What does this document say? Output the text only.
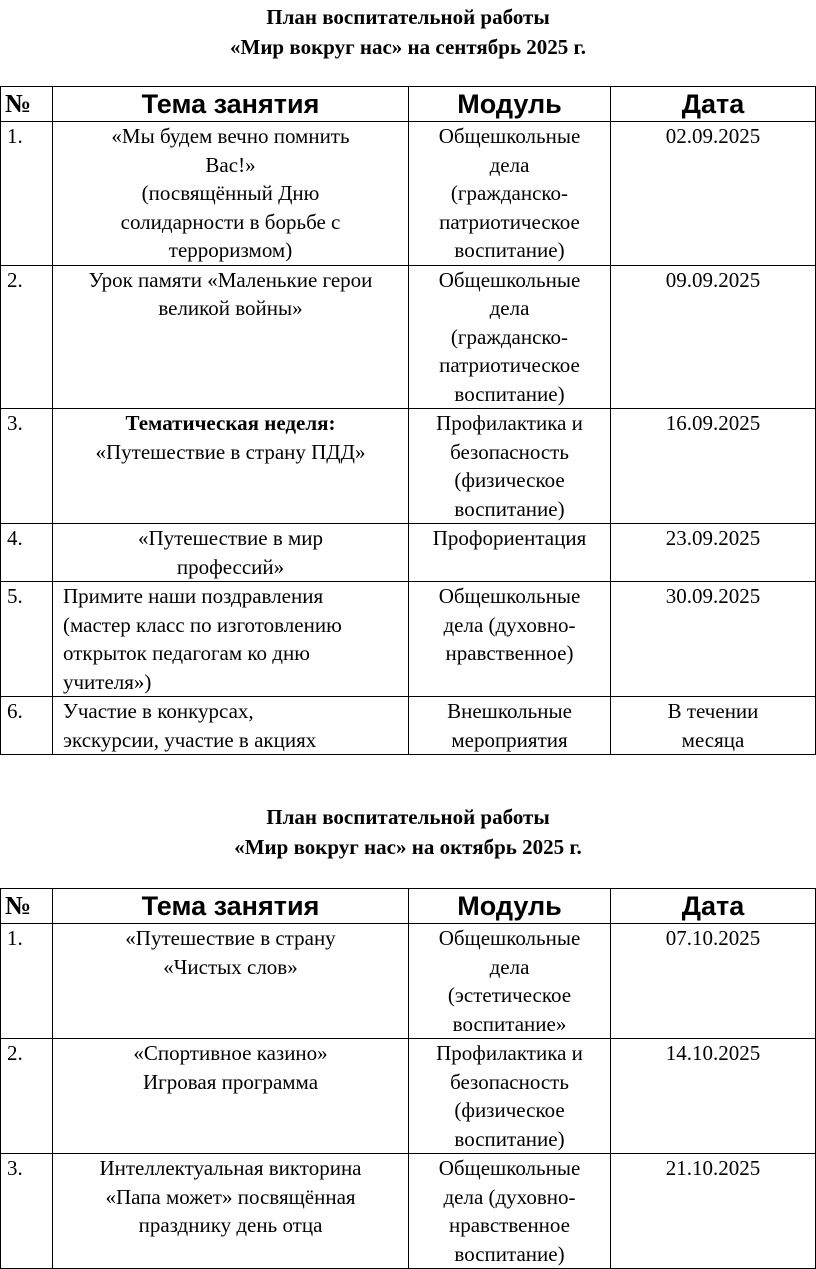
План воспитательной работы
«Мир вокруг нас» на сентябрь 2025 г.
№	Тема занятия	Модуль	Дата
1.	«Мы будем вечно помнить
Вас!»
(посвящённый Дню
солидарности в борьбе с
терроризмом)	Общешкольные
дела
(гражданско-
патриотическое
воспитание)	02.09.2025
2.	Урок памяти «Маленькие герои
великой войны»	Общешкольные
дела
(гражданско-
патриотическое
воспитание)	09.09.2025
3.	Тематическая неделя:
«Путешествие в страну ПДД»	Профилактика и
безопасность
(физическое
воспитание)	16.09.2025
4.	«Путешествие в мир
профессий»	Профориентация	23.09.2025
5.	Примите наши поздравления
(мастер класс по изготовлению
открыток педагогам ко дню
учителя»)	Общешкольные
дела (духовно-
нравственное)	30.09.2025
6.	Участие в конкурсах,
экскурсии, участие в акциях	Внешкольные
мероприятия	В течении
месяца
План воспитательной работы
«Мир вокруг нас» на октябрь 2025 г.
№	Тема занятия	Модуль	Дата
1.	«Путешествие в страну
«Чистых слов»	Общешкольные
дела
(эстетическое
воспитание»	07.10.2025
2.	«Спортивное казино»
Игровая программа	Профилактика и
безопасность
(физическое
воспитание)	14.10.2025
3.	Интеллектуальная викторина
«Папа может» посвящённая
празднику день отца	Общешкольные
дела (духовно-
нравственное
воспитание)	21.10.2025
